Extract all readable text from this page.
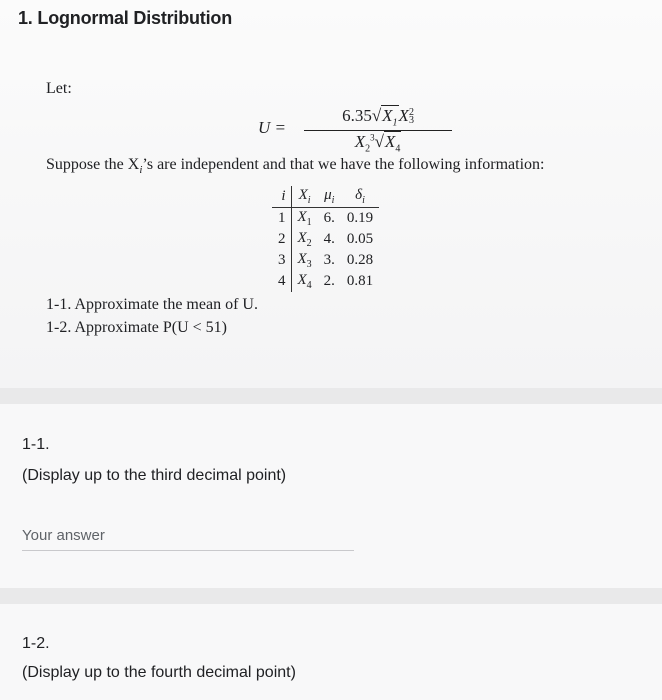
1. Lognormal Distribution
Let:
U =
$6.35√X_1X2$
3
$X_2^3√X_4$
Suppose the $X_i’s$ are independent and that we have the following information:
i	$X_i$	$\mu_i$	$\delta_i$
1	$X_1$	6.	0.19
2	$X_2$	4.	0.05
3	$X_3$	3.	0.28
4	$X_4$	2.	0.81
1-1. Approximate the mean of U.
1-2. Approximate P(U < 51)
1-1.
(Display up to the third decimal point)
Your answer
1-2.
(Display up to the fourth decimal point)
